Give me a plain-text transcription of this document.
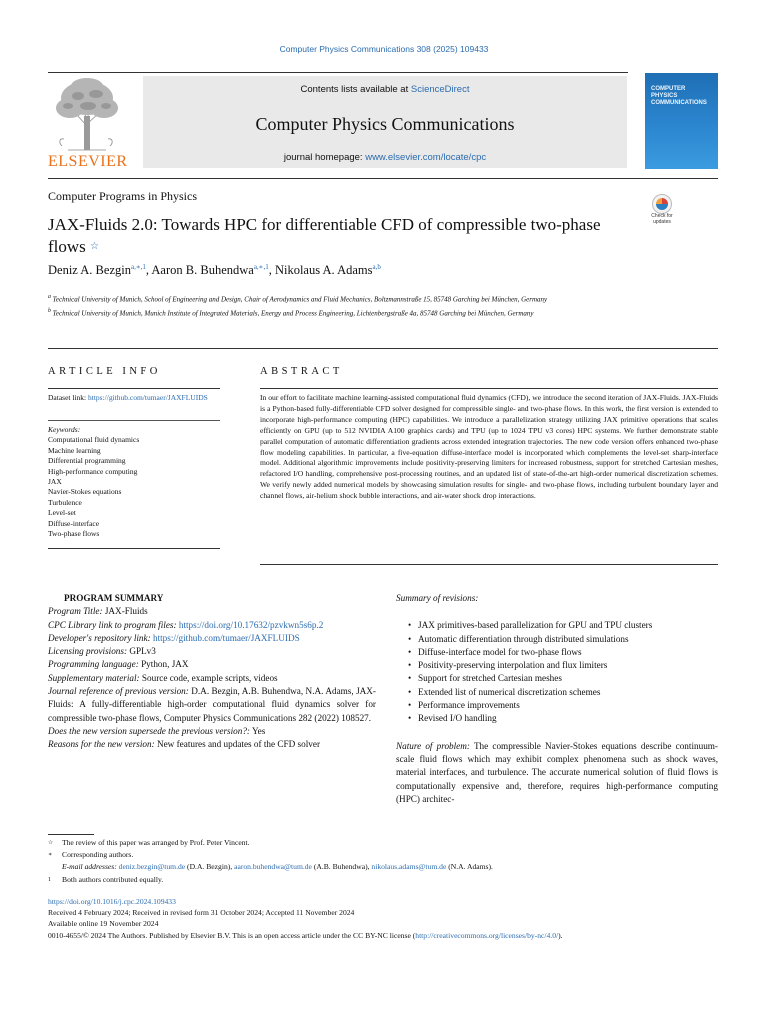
Computer Physics Communications 308 (2025) 109433
ELSEVIER
Contents lists available at ScienceDirect
Computer Physics Communications
journal homepage: www.elsevier.com/locate/cpc
COMPUTER PHYSICS COMMUNICATIONS
Computer Programs in Physics
JAX-Fluids 2.0: Towards HPC for differentiable CFD of compressible two-phase flows ☆
Check for updates
Deniz A. Bezgin$^{a,∗,1}$, Aaron B. Buhendwa$^{a,∗,1}$, Nikolaus A. Adams$^{a,b}$

$^a$ Technical University of Munich, School of Engineering and Design, Chair of Aerodynamics and Fluid Mechanics, Boltzmannstraße 15, 85748 Garching bei München, Germany

$^b$ Technical University of Munich, Munich Institute of Integrated Materials, Energy and Process Engineering, Lichtenbergstraße 4a, 85748 Garching bei München, Germany

ARTICLE INFO
Dataset link: https://github.com/tumaer/JAXFLUIDS
Keywords:
Computational fluid dynamics
Machine learning
Differential programming
High-performance computing
JAX
Navier-Stokes equations
Turbulence
Level-set
Diffuse-interface
Two-phase flows
ABSTRACT
In our effort to facilitate machine learning-assisted computational fluid dynamics (CFD), we introduce the second iteration of JAX-Fluids. JAX-Fluids is a Python-based fully-differentiable CFD solver designed for compressible single- and two-phase flows. In this work, the first version is extended to incorporate high-performance computing (HPC) capabilities. We introduce a parallelization strategy utilizing JAX primitive operations that scales efficiently on GPU (up to 512 NVIDIA A100 graphics cards) and TPU (up to 1024 TPU v3 cores) HPC systems. We further demonstrate stable parallel computation of automatic differentiation gradients across extended integration trajectories. The new code version offers enhanced two-phase flow modeling capabilities. In particular, a five-equation diffuse-interface model is incorporated which complements the level-set sharp-interface model. Additional algorithmic improvements include positivity-preserving limiters for increased robustness, support for stretched Cartesian meshes, refactored I/O handling, comprehensive post-processing routines, and an updated list of state-of-the-art high-order numerical discretization schemes. We verify newly added numerical models by showcasing simulation results for single- and two-phase flows, including turbulent boundary layer and channel flows, air-helium shock bubble interactions, and air-water shock drop interactions.

PROGRAM SUMMARY

Program Title: JAX-Fluids

CPC Library link to program files: https://doi.org/10.17632/pzvkwn5s6p.2

Developer's repository link: https://github.com/tumaer/JAXFLUIDS

Licensing provisions: GPLv3

Programming language: Python, JAX

Supplementary material: Source code, example scripts, videos

Journal reference of previous version: D.A. Bezgin, A.B. Buhendwa, N.A. Adams, JAX-Fluids: A fully-differentiable high-order computational fluid dynamics solver for compressible two-phase flows, Computer Physics Communications 282 (2022) 108527.

Does the new version supersede the previous version?: Yes

Reasons for the new version: New features and updates of the CFD solver

Summary of revisions:
• JAX primitives-based parallelization for GPU and TPU clusters
• Automatic differentiation through distributed simulations
• Diffuse-interface model for two-phase flows
• Positivity-preserving interpolation and flux limiters
• Support for stretched Cartesian meshes
• Extended list of numerical discretization schemes
• Performance improvements
• Revised I/O handling
Nature of problem: The compressible Navier-Stokes equations describe continuum-scale fluid flows which may exhibit complex phenomena such as shock waves, material interfaces, and turbulence. The accurate numerical solution of fluid flows is computationally expensive and, therefore, requires high-performance computing (HPC) architec-

☆ The review of this paper was arranged by Prof. Peter Vincent.

∗ Corresponding authors.

E-mail addresses: deniz.bezgin@tum.de (D.A. Bezgin), aaron.buhendwa@tum.de (A.B. Buhendwa), nikolaus.adams@tum.de (N.A. Adams).

1 Both authors contributed equally.

https://doi.org/10.1016/j.cpc.2024.109433

Received 4 February 2024; Received in revised form 31 October 2024; Accepted 11 November 2024

Available online 19 November 2024

0010-4655/© 2024 The Authors. Published by Elsevier B.V. This is an open access article under the CC BY-NC license (http://creativecommons.org/licenses/by-nc/4.0/).
